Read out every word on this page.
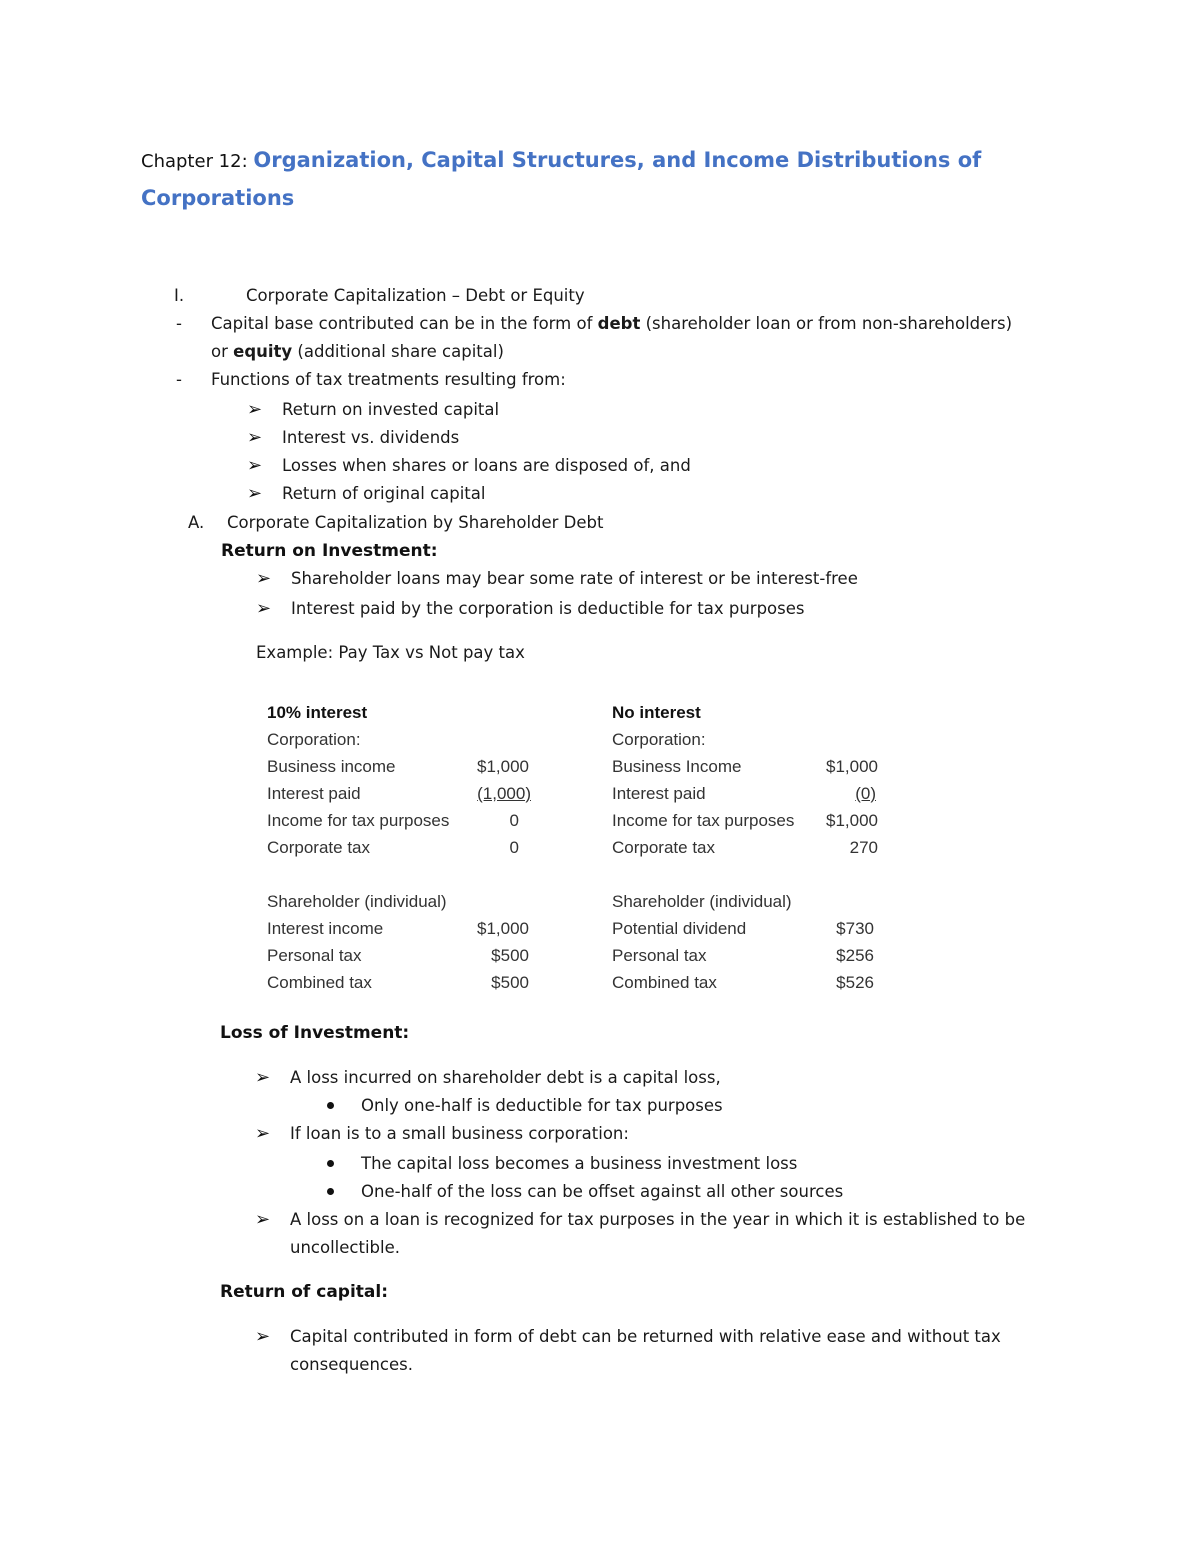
Chapter 12: Organization, Capital Structures, and Income Distributions of Corporations
I.	Corporate Capitalization – Debt or Equity
- Capital base contributed can be in the form of debt (shareholder loan or from non-shareholders)
or equity (additional share capital)
- Functions of tax treatments resulting from:
➢ Return on invested capital
➢ Interest vs. dividends
➢ Losses when shares or loans are disposed of, and
➢ Return of original capital
A. Corporate Capitalization by Shareholder Debt
Return on Investment:
➢ Shareholder loans may bear some rate of interest or be interest-free
➢ Interest paid by the corporation is deductible for tax purposes
Example: Pay Tax vs Not pay tax
10% interest
Corporation:
Business income	$1,000
Interest paid	(1,000)
Income for tax purposes	0
Corporate tax	0
Shareholder (individual)
Interest income	$1,000
Personal tax	$500
Combined tax	$500
No interest
Corporation:
Business Income	$1,000
Interest paid	(0)
Income for tax purposes $1,000
Corporate tax	270
Shareholder (individual)
Potential dividend	$730
Personal tax	$256
Combined tax	$526
Loss of Investment:
➢ A loss incurred on shareholder debt is a capital loss,
Only one-half is deductible for tax purposes
➢ If loan is to a small business corporation:
The capital loss becomes a business investment loss
One-half of the loss can be offset against all other sources
➢ A loss on a loan is recognized for tax purposes in the year in which it is established to be
uncollectible.
Return of capital:
➢ Capital contributed in form of debt can be returned with relative ease and without tax
consequences.
